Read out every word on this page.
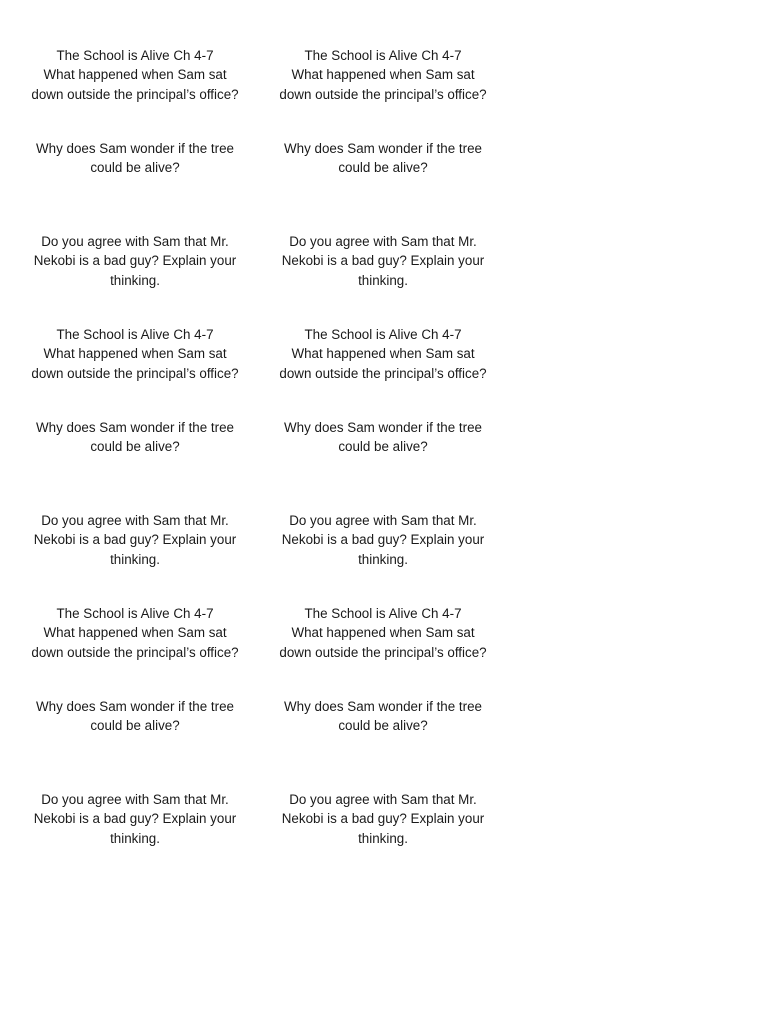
The School is Alive Ch 4-7
What happened when Sam sat
down outside the principal’s office?
Why does Sam wonder if the tree
could be alive?
Do you agree with Sam that Mr.
Nekobi is a bad guy? Explain your
thinking.
The School is Alive Ch 4-7
What happened when Sam sat
down outside the principal’s office?
Why does Sam wonder if the tree
could be alive?
Do you agree with Sam that Mr.
Nekobi is a bad guy? Explain your
thinking.
The School is Alive Ch 4-7
What happened when Sam sat
down outside the principal’s office?
Why does Sam wonder if the tree
could be alive?
Do you agree with Sam that Mr.
Nekobi is a bad guy? Explain your
thinking.
The School is Alive Ch 4-7
What happened when Sam sat
down outside the principal’s office?
Why does Sam wonder if the tree
could be alive?
Do you agree with Sam that Mr.
Nekobi is a bad guy? Explain your
thinking.
The School is Alive Ch 4-7
What happened when Sam sat
down outside the principal’s office?
Why does Sam wonder if the tree
could be alive?
Do you agree with Sam that Mr.
Nekobi is a bad guy? Explain your
thinking.
The School is Alive Ch 4-7
What happened when Sam sat
down outside the principal’s office?
Why does Sam wonder if the tree
could be alive?
Do you agree with Sam that Mr.
Nekobi is a bad guy? Explain your
thinking.
